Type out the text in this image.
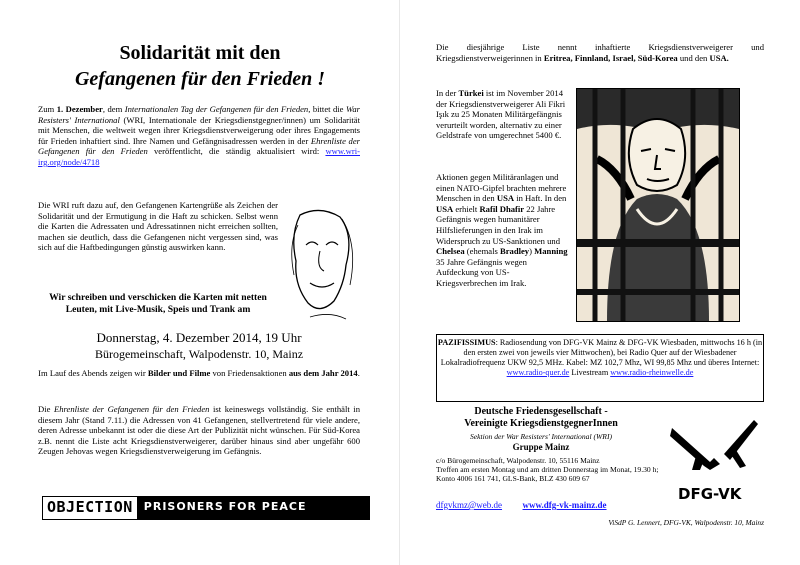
Solidarität mit den
Gefangenen für den Frieden !
Zum 1. Dezember, dem Internationalen Tag der Gefangenen für den Frieden, bittet die War Resisters' International (WRI, Internationale der Kriegsdienstgegner/innen) um Solidarität mit Menschen, die weltweit wegen ihrer Kriegsdienstverweigerung oder ihres Engagements für Frieden inhaftiert sind. Ihre Namen und Gefängnisadressen werden in der Ehrenliste der Gefangenen für den Frieden veröffentlicht, die ständig aktualisiert wird: www.wri-irg.org/node/4718
Die WRI ruft dazu auf, den Gefangenen Kartengrüße als Zeichen der Solidarität und der Ermutigung in die Haft zu schicken. Selbst wenn die Karten die Adressaten und Adressatinnen nicht erreichen sollten, machen sie deutlich, dass die Gefangenen nicht vergessen sind, was sich auf die Haftbedingungen günstig auswirken kann.
Wir schreiben und verschicken die Karten mit netten Leuten, mit Live-Musik, Speis und Trank am
Donnerstag, 4. Dezember 2014, 19 Uhr
Bürogemeinschaft, Walpodenstr. 10, Mainz
Im Lauf des Abends zeigen wir Bilder und Filme von Friedensaktionen aus dem Jahr 2014.
Die Ehrenliste der Gefangenen für den Frieden ist keineswegs vollständig. Sie enthält in diesem Jahr (Stand 7.11.) die Adressen von 41 Gefangenen, stellvertretend für viele andere, deren Adresse unbekannt ist oder die diese Art der Publizität nicht wünschen. Für Süd-Korea z.B. nennt die Liste acht Kriegsdienstverweigerer, darüber hinaus sind aber ungefähr 600 Zeugen Jehovas wegen Kriegsdienstverweigerung im Gefängnis.
OBJECTION	PRISONERS FOR PEACE
Die diesjährige Liste nennt inhaftierte Kriegsdienstverweigerer und Kriegsdienstverweigerinnen in Eritrea, Finnland, Israel, Süd-Korea und den USA.
In der Türkei ist im November 2014 der Kriegsdienstverweigerer Ali Fikri Işık zu 25 Monaten Militärgefängnis verurteilt worden, alternativ zu einer Geldstrafe von umgerechnet 5400 €.
Aktionen gegen Militäranlagen und einen NATO-Gipfel brachten mehrere Menschen in den USA in Haft. In den USA erhielt Rafil Dhafir 22 Jahre Gefängnis wegen humanitärer Hilfslieferungen in den Irak im Widerspruch zu US-Sanktionen und Chelsea (ehemals Bradley) Manning 35 Jahre Gefängnis wegen Aufdeckung von US-Kriegsverbrechen im Irak.
PAZIFISSIMUS: Radiosendung von DFG-VK Mainz & DFG-VK Wiesbaden, mittwochs 16 h (in den ersten zwei von jeweils vier Mittwochen), bei Radio Quer auf der Wiesbadener Lokalradiofrequenz UKW 92,5 MHz. Kabel: MZ 102,7 Mhz, WI 99,85 Mhz und überes Internet: www.radio-quer.de Livestream www.radio-rheinwelle.de
Deutsche Friedensgesellschaft -
Vereinigte KriegsdienstgegnerInnen
Sektion der War Resisters' International (WRI)
Gruppe Mainz
c/o Bürogemeinschaft, Walpodenstr. 10, 55116 Mainz
Treffen am ersten Montag und am dritten Donnerstag im Monat, 19.30 h;
Konto 4006 161 741, GLS-Bank, BLZ 430 609 67
dfgvkmz@web.de www.dfg-vk-mainz.de
DFG-VK
ViSdP G. Lennert, DFG-VK, Walpodenstr. 10, Mainz
